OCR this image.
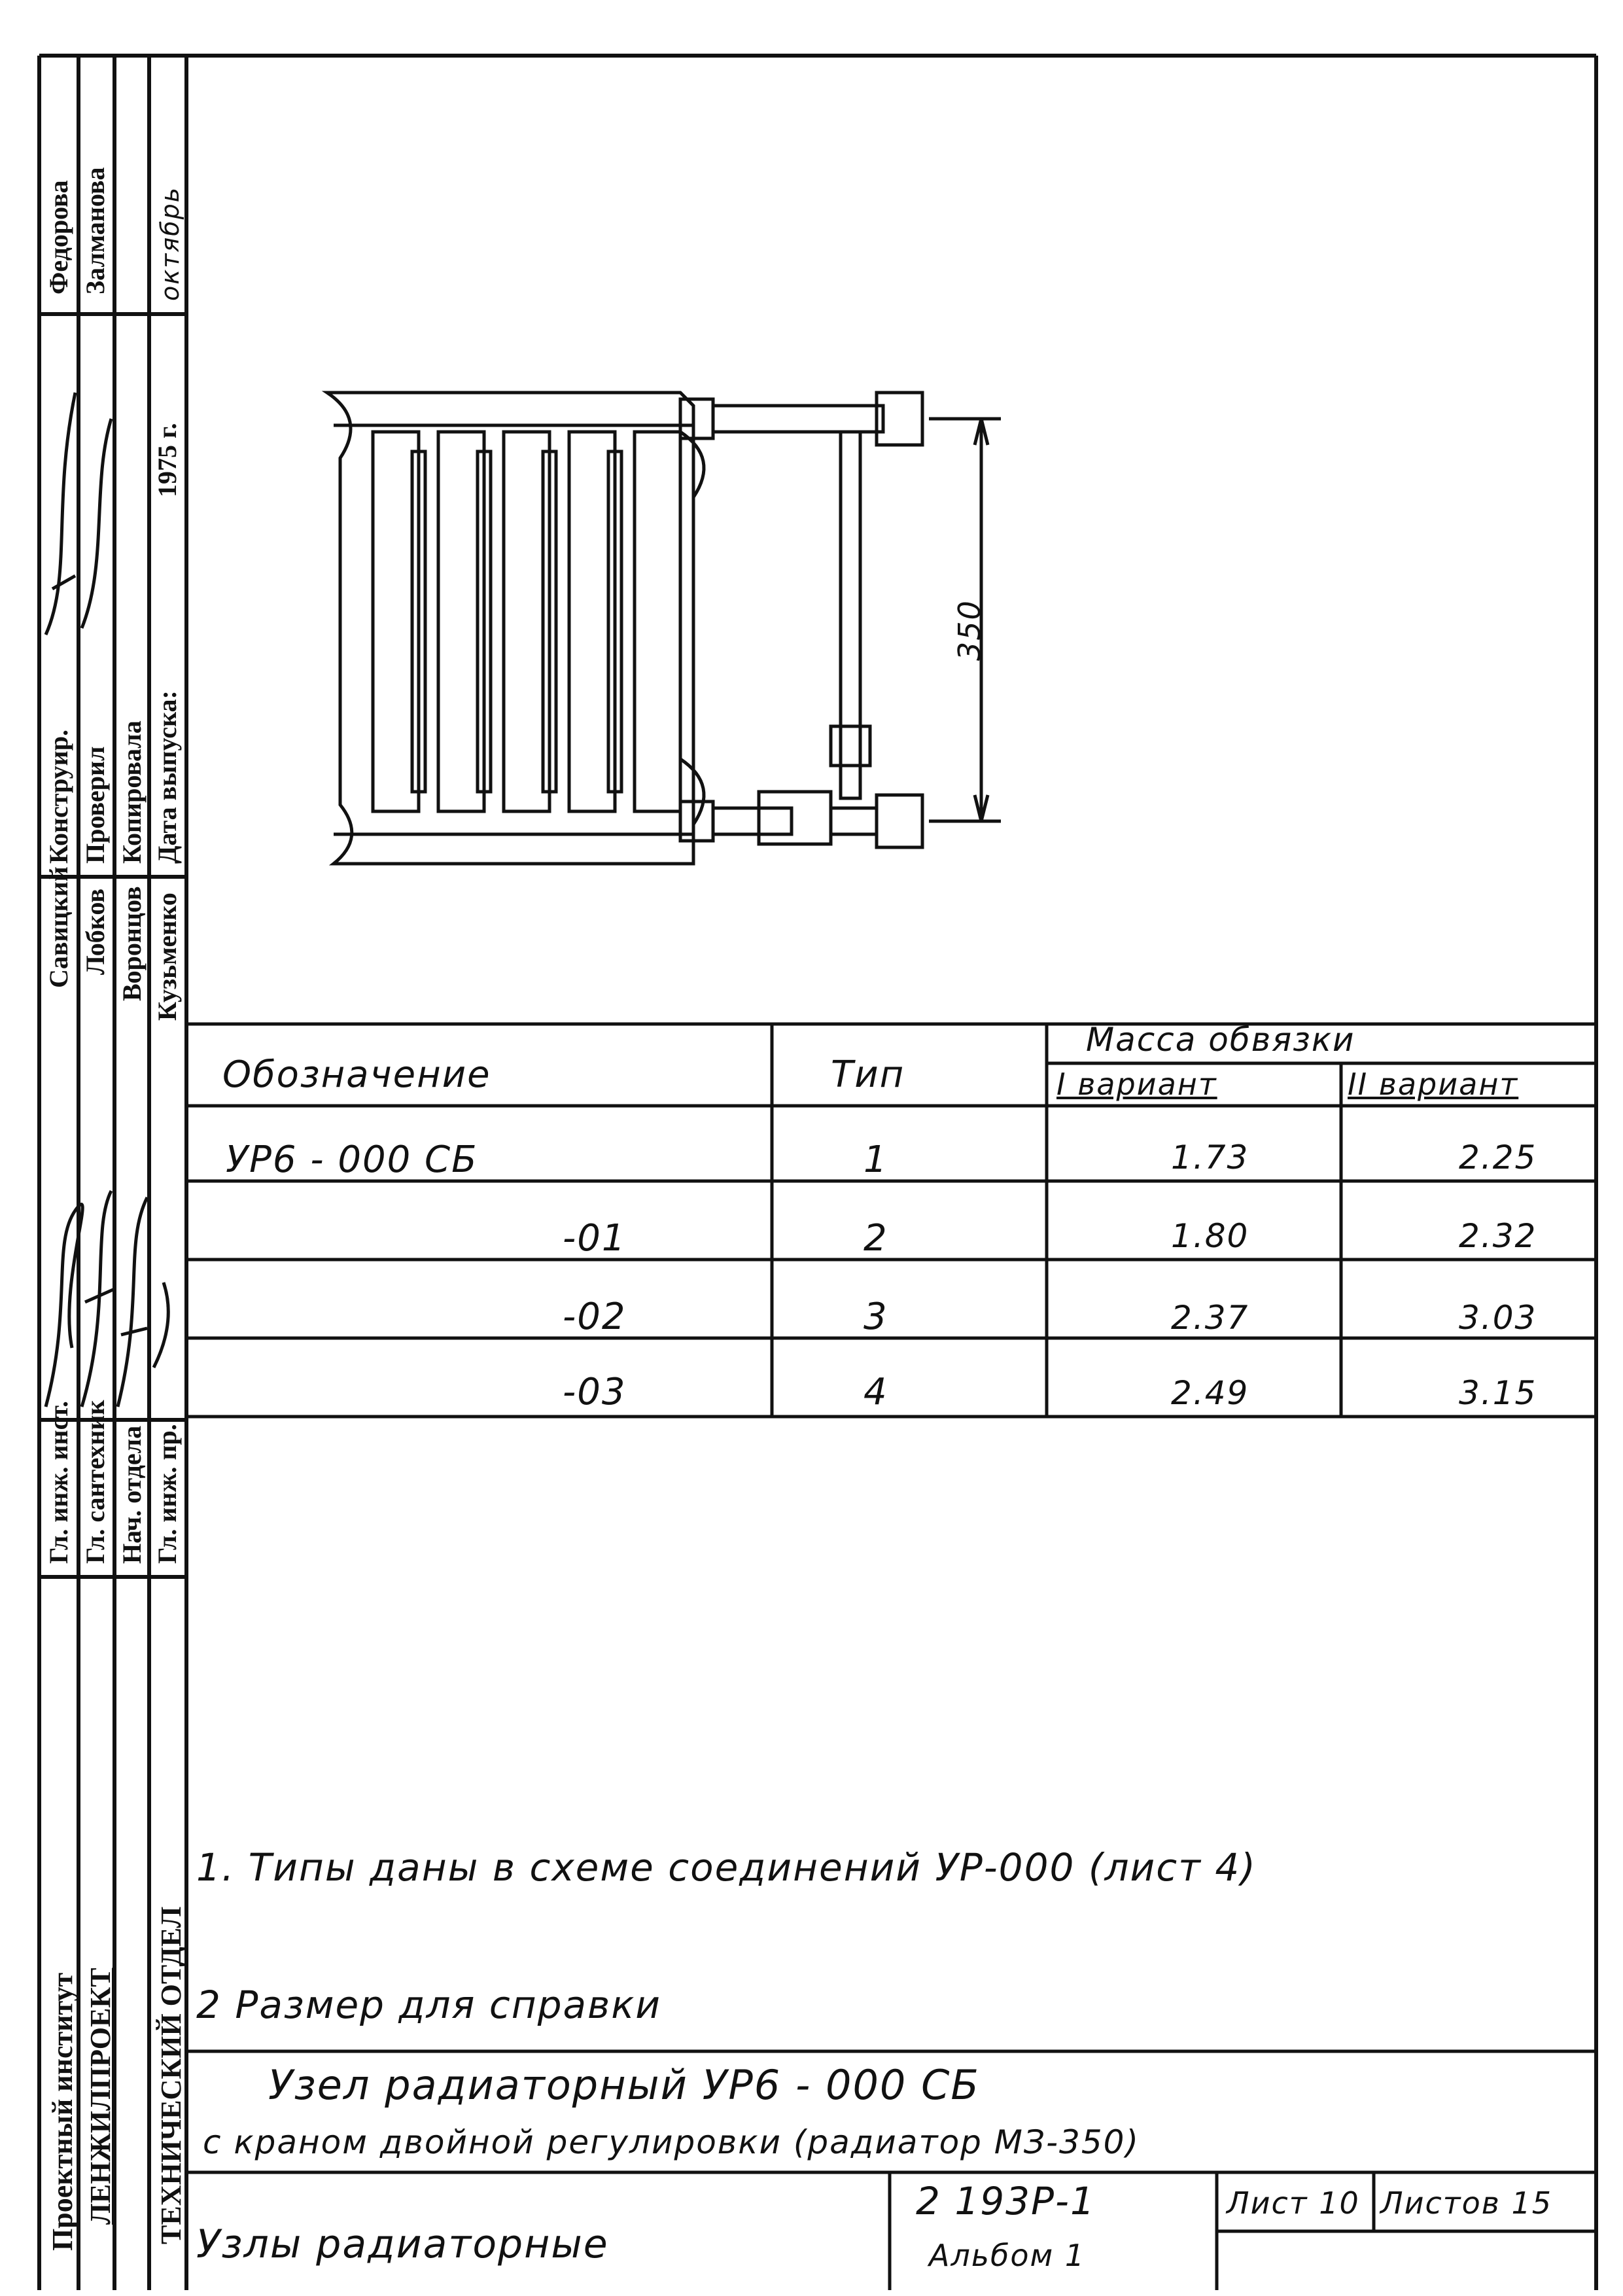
350
Проектный институт ЛЕНЖИЛПРОЕКТ ТЕХНИЧЕСКИЙ ОТДЕЛ
Гл. инж. инст. Гл. сантехник Нач. отдела Гл. инж. пр.
Савицкий Лобков Воронцов Кузьменко
Конструир. Проверил Копировала Дата выпуска:
1975 г.
октябрь
Федорова Залманова
Обозначение	Тип
Масса обвязки
I вариант	II вариант
УР6 - 000 СБ	1	1.73	2.25
-01	2	1.80	2.32
-02	3	2.37	3.03
-03	4	2.49	3.15
1. Типы даны в схеме соединений УР-000 (лист 4)
2 Размер для справки
Узел радиаторный УР6 - 000 СБ
с краном двойной регулировки (радиатор МЗ-350)
Узлы радиаторные
2 193Р-1
Альбом 1
Лист 10 Листов 15
